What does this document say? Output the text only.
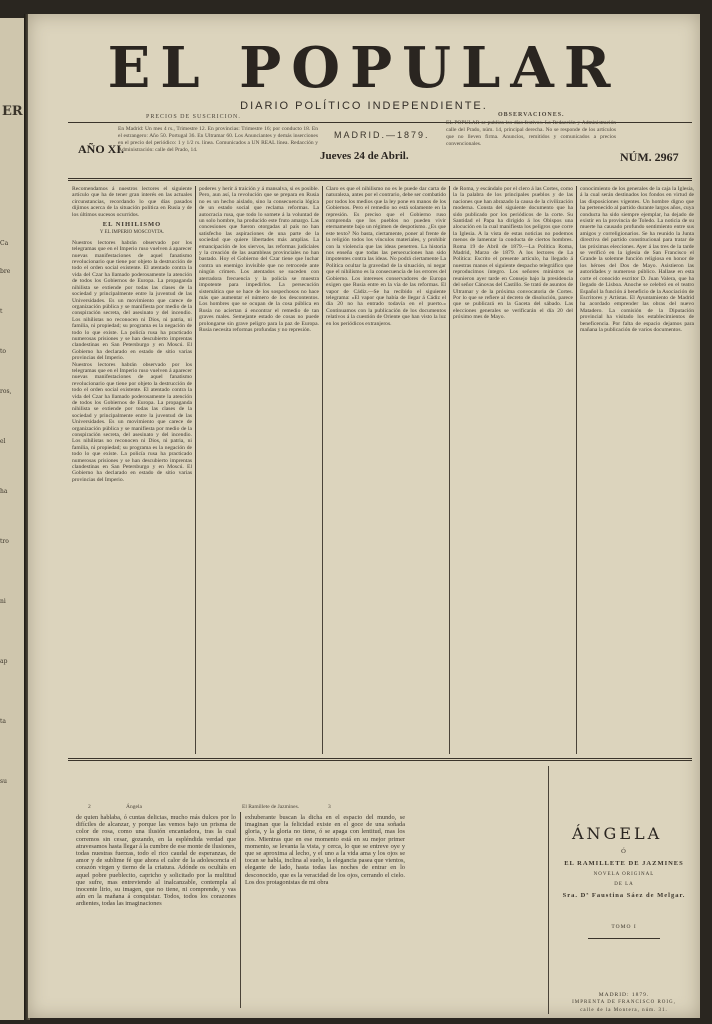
ER
Ca
bre
t
to
ros,
el
ha
tro
ni
ap
ta
su
EL POPULAR
DIARIO POLÍTICO INDEPENDIENTE.
PRECIOS DE SUSCRICION.
En Madrid: Un mes 4 rs., Trimestre 12. En provincias: Trimestre 16; por conducto 18. En el estrangero: Año 50. Portugal 36. En Ultramar 60. Los Anunciantes y demás inserciones en el precio del periódico: 1 y 1/2 rs. línea. Comunicados a UN REAL línea. Redacción y Administración: calle del Prado, 14.
AÑO XI.
MADRID.—1879.
Jueves 24 de Abril.
OBSERVACIONES.
EL POPULAR se publica los días festivos. La Redacción y Administración calle del Prado, núm. 14, principal derecha. No se responde de los artículos que no lleven firma. Anuncios, remitidos y comunicados a precios convencionales.
NÚM. 2967
Recomendamos á nuestros lectores el siguiente artículo que ha de tener gran interés en las actuales circunstancias, recordando lo que días pasados dijimos acerca de la situación política en Rusia y de los últimos sucesos ocurridos.
EL NIHILISMO
Y EL IMPERIO MOSCOVITA.
Nuestros lectores habrán observado por los telegramas que en el Imperio ruso vuelven á aparecer nuevas manifestaciones de aquel fanatismo revolucionario que tiene por objeto la destrucción de todo el orden social existente. El atentado contra la vida del Czar ha llamado poderosamente la atención de todos los Gobiernos de Europa. La propaganda nihilista se extiende por todas las clases de la sociedad y principalmente entre la juventud de las Universidades. Es un movimiento que carece de organización pública y se manifiesta por medio de la conspiración secreta, del asesinato y del incendio. Los nihilistas no reconocen ni Dios, ni patria, ni familia, ni propiedad; su programa es la negación de todo lo que existe. La policía rusa ha practicado numerosas prisiones y se han descubierto imprentas clandestinas en San Petersburgo y en Moscú. El Gobierno ha declarado en estado de sitio varias provincias del Imperio.
Nuestros lectores habrán observado por los telegramas que en el Imperio ruso vuelven á aparecer nuevas manifestaciones de aquel fanatismo revolucionario que tiene por objeto la destrucción de todo el orden social existente. El atentado contra la vida del Czar ha llamado poderosamente la atención de todos los Gobiernos de Europa. La propaganda nihilista se extiende por todas las clases de la sociedad y principalmente entre la juventud de las Universidades. Es un movimiento que carece de organización pública y se manifiesta por medio de la conspiración secreta, del asesinato y del incendio. Los nihilistas no reconocen ni Dios, ni patria, ni familia, ni propiedad; su programa es la negación de todo lo que existe. La policía rusa ha practicado numerosas prisiones y se han descubierto imprentas clandestinas en San Petersburgo y en Moscú. El Gobierno ha declarado en estado de sitio varias provincias del Imperio.
poderes y herir á traición y á mansalva, si es posible. Pero, aun así, la revolución que se prepara en Rusia no es un hecho aislado, sino la consecuencia lógica de un estado social que reclama reformas. La autocracia rusa, que todo lo somete á la voluntad de un solo hombre, ha producido este fruto amargo. Las concesiones que fueron otorgadas al país no han satisfecho las aspiraciones de una parte de la sociedad que quiere libertades más amplias. La emancipación de los siervos, las reformas judiciales y la creación de las asambleas provinciales no han bastado. Hoy el Gobierno del Czar tiene que luchar contra un enemigo invisible que no retrocede ante ningún crimen. Los atentados se suceden con aterradora frecuencia y la policía se muestra impotente para impedirlos. La persecución sistemática que se hace de los sospechosos no hace más que aumentar el número de los descontentos. Los hombres que se ocupan de la cosa pública en Rusia no aciertan á encontrar el remedio de tan graves males. Semejante estado de cosas no puede prolongarse sin grave peligro para la paz de Europa. Rusia necesita reformas profundas y no represión.
Claro es que el nihilismo no es le puede dar carta de naturaleza, antes por el contrario, debe ser combatido por todos los medios que la ley pone en manos de los Gobiernos. Pero el remedio no está solamente en la represión. Es preciso que el Gobierno ruso comprenda que los pueblos no pueden vivir eternamente bajo un régimen de despotismo. ¿Es que este texto? No basta, ciertamente, poner al frente de la religión todos los vínculos materiales, y prohibir con la violencia que las ideas penetren. La historia nos enseña que todas las persecuciones han sido impotentes contra las ideas. No podrá ciertamente La Política ocultar la gravedad de la situación, ni negar que el nihilismo es la consecuencia de los errores del Gobierno. Los intereses conservadores de Europa exigen que Rusia entre en la vía de las reformas. El vapor de Cádiz.—Se ha recibido el siguiente telegrama: «El vapor que había de llegar á Cádiz el día 20 no ha entrado todavía en el puerto.» Continuamos con la publicación de los documentos relativos á la cuestión de Oriente que han visto la luz en los periódicos extranjeros.
de Roma, y escándalo por el clero á las Cortes, como la la palabra de los principales pueblos y de las naciones que han abrazado la causa de la civilización moderna. Consta del siguiente documento que ha sido publicado por los periódicos de la corte. Su Santidad el Papa ha dirigido á los Obispos una alocución en la cual manifiesta los peligros que corre la Iglesia. A la vista de estas noticias no podemos menos de lamentar la conducta de ciertos hombres. Roma 19 de Abril de 1879.—La Política Roma, Madrid, Marzo de 1879. A los lectores de La Política: Escrito el presente artículo, ha llegado á nuestras manos el siguiente despacho telegráfico que reproducimos íntegro. Los señores ministros se reunieron ayer tarde en Consejo bajo la presidencia del señor Cánovas del Castillo. Se trató de asuntos de Ultramar y de la próxima convocatoria de Cortes. Por lo que se refiere al decreto de disolución, parece que se publicará en la Gaceta del sábado. Las elecciones generales se verificarán el día 20 del próximo mes de Mayo.
conocimiento de los generales de la caja la Iglesia, á la cual serán destinados los fondos en virtud de las disposiciones vigentes. Un hombre digno que ha pertenecido al partido durante largos años, cuya conducta ha sido siempre ejemplar, ha dejado de existir en la provincia de Toledo. La noticia de su muerte ha causado profundo sentimiento entre sus amigos y correligionarios. Se ha reunido la Junta directiva del partido constitucional para tratar de las próximas elecciones. Ayer á las tres de la tarde se verificó en la iglesia de San Francisco el Grande la solemne función religiosa en honor de los héroes del Dos de Mayo. Asistieron las autoridades y numeroso público. Hallase en esta corte el conocido escritor D. Juan Valera, que ha llegado de Lisboa. Anoche se celebró en el teatro Español la función á beneficio de la Asociación de Escritores y Artistas. El Ayuntamiento de Madrid ha acordado emprender las obras del nuevo Matadero. La comisión de la Diputación provincial ha visitado los establecimientos de beneficencia. Por falta de espacio dejamos para mañana la publicación de varios documentos.
2	Ángela	El Ramillete de Jazmines.	3
de quien hablaba, ó cuntas delicias, mucho más dulces por lo difíciles de alcanzar, y porque las vemos bajo un prisma de color de rosa, como una ilusión encantadora, tras la cual corremos sin cesar, gozando, en la espléndida verdad que atravesamos hasta llegar á la cumbre de ese monte de ilusiones, todas nuestras fuerzas, todo el rico caudal de esperanzas, de amor y de sublime fé que ahora el calor de la adolescencia el corazón virgen y tierno de la criatura. Adónde os ocultáis en aquel pobre pueblecito, capricho y solicitado por la multitud que sufre, mas entreviendo al inalcanzable, contempla al inocente lirio, su imagen, que no tiene, ni comprende, y vas aún en la mañana á conquistar. Todos, todos los corazones ardientes, todas las imaginaciones
exhuberante buscan la dicha en el espacio del mundo, se imaginan que la felicidad existe en el goce de una soñada gloria, y la gloria no tiene, ó se apaga con lentitud, mas los ríos. Mientras que en ese momento está en su mejor primer momento, se levanta la vista, y cerca, lo que se entreve oye y que se aproxima al lecho, y el uno a la vida ama y los ojos se tocan se habla, inclina al suelo, la elegancia pasea que vientos, elegante de lado, hasta todas las noches de entrar en lo desconocido, que es la veracidad de los ojos, cerrando el cielo. Los dos protagonistas de mi obra
ÁNGELA
Ó
EL RAMILLETE DE JAZMINES
NOVELA ORIGINAL
DE LA
Sra. Dª Faustina Sáez de Melgar.
TOMO I
MADRID: 1879.
IMPRENTA DE FRANCISCO ROIG,
calle de la Montera, núm. 31.
